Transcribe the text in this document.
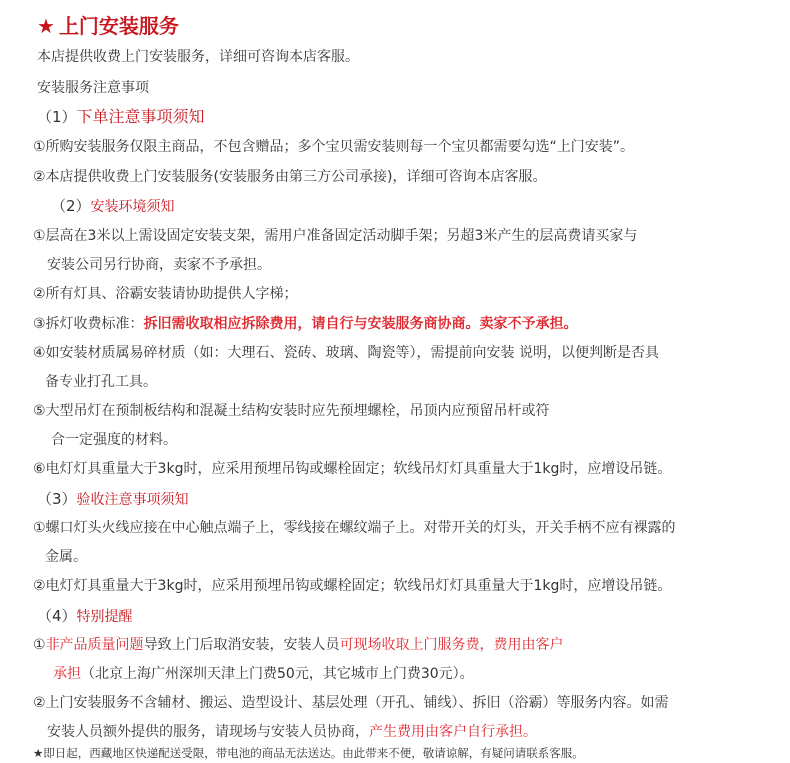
★ 上门安装服务
本店提供收费上门安装服务，详细可咨询本店客服。
安装服务注意事项
（1）下单注意事项须知
①所购安装服务仅限主商品，不包含赠品；多个宝贝需安装则每一个宝贝都需要勾选“上门安装”。
②本店提供收费上门安装服务(安装服务由第三方公司承接)，详细可咨询本店客服。
（2）安装环境须知
①层高在3米以上需设固定安装支架，需用户准备固定活动脚手架；另超3米产生的层高费请买家与
安装公司另行协商，卖家不予承担。
②所有灯具、浴霸安装请协助提供人字梯；
③拆灯收费标准：拆旧需收取相应拆除费用，请自行与安装服务商协商。卖家不予承担。
④如安装材质属易碎材质（如：大理石、瓷砖、玻璃、陶瓷等），需提前向安装 说明，以便判断是否具
备专业打孔工具。
⑤大型吊灯在预制板结构和混凝土结构安装时应先预埋螺栓，吊顶内应预留吊杆或符
合一定强度的材料。
⑥电灯灯具重量大于3kg时，应采用预埋吊钩或螺栓固定；软线吊灯灯具重量大于1kg时，应增设吊链。
（3）验收注意事项须知
①螺口灯头火线应接在中心触点端子上，零线接在螺纹端子上。对带开关的灯头，开关手柄不应有裸露的
金属。
②电灯灯具重量大于3kg时，应采用预埋吊钩或螺栓固定；软线吊灯灯具重量大于1kg时，应增设吊链。
（4）特别提醒
①非产品质量问题导致上门后取消安装，安装人员可现场收取上门服务费，费用由客户
承担（北京上海广州深圳天津上门费50元，其它城市上门费30元）。
②上门安装服务不含辅材、搬运、造型设计、基层处理（开孔、铺线）、拆旧（浴霸）等服务内容。如需
安装人员额外提供的服务，请现场与安装人员协商，产生费用由客户自行承担。
★即日起，西藏地区快递配送受限，带电池的商品无法送达。由此带来不便，敬请谅解，有疑问请联系客服。
